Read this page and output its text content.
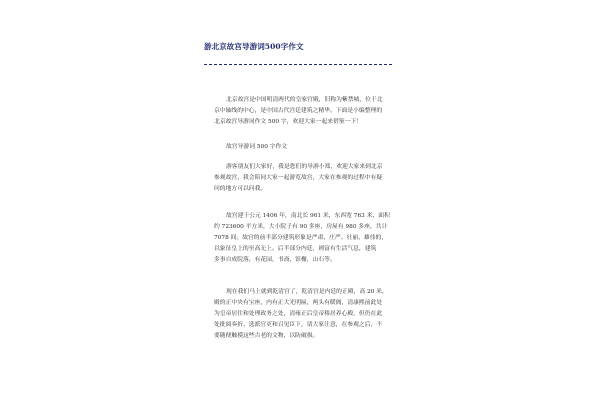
游北京故宫导游词500字作文
北京故宫是中国明清两代的皇家宫殿，旧称为紫禁城，位于北
京中轴线的中心，是中国古代宫廷建筑之精华。下面是小编整理的
北京故宫导游词作文 500 字，欢迎大家一起来借鉴一下！
故宫导游词 500 字作文
游客朋友们大家好，我是您们的导游小郑，欢迎大家来到北京
参观故宫，我会陪同大家一起游览故宫，大家在参观的过程中有疑
问的地方可以问我。
故宫建于公元 1406 年，南北长 961 米，东西宽 763 米，面积
约 723600 平方米，大小院子有 90 多座，房屋有 980 多座，共计
7078 间。故宫的前半部分建筑形象是严肃、庄严、壮丽、雄伟的，
以象征皇上的至高无上。后半部分内廷，则富有生活气息，建筑
多事自成院落，有花园，书斋，馆榭，山石等。
现在我们马上就到乾清宫了，乾清宫是内廷的正殿，高 20 米，
殿的正中央有宝座，内有正大光明匾，两头有暖阁，清康熙前此处
为皇帝居住和处理政务之处，清雍正后皇帝移居养心殿，但仍在此
处批阅奏折、选派官吏和召见臣下，请大家注意，在参观之后，不
要随便触摸这些古老的文物，以防破损。
